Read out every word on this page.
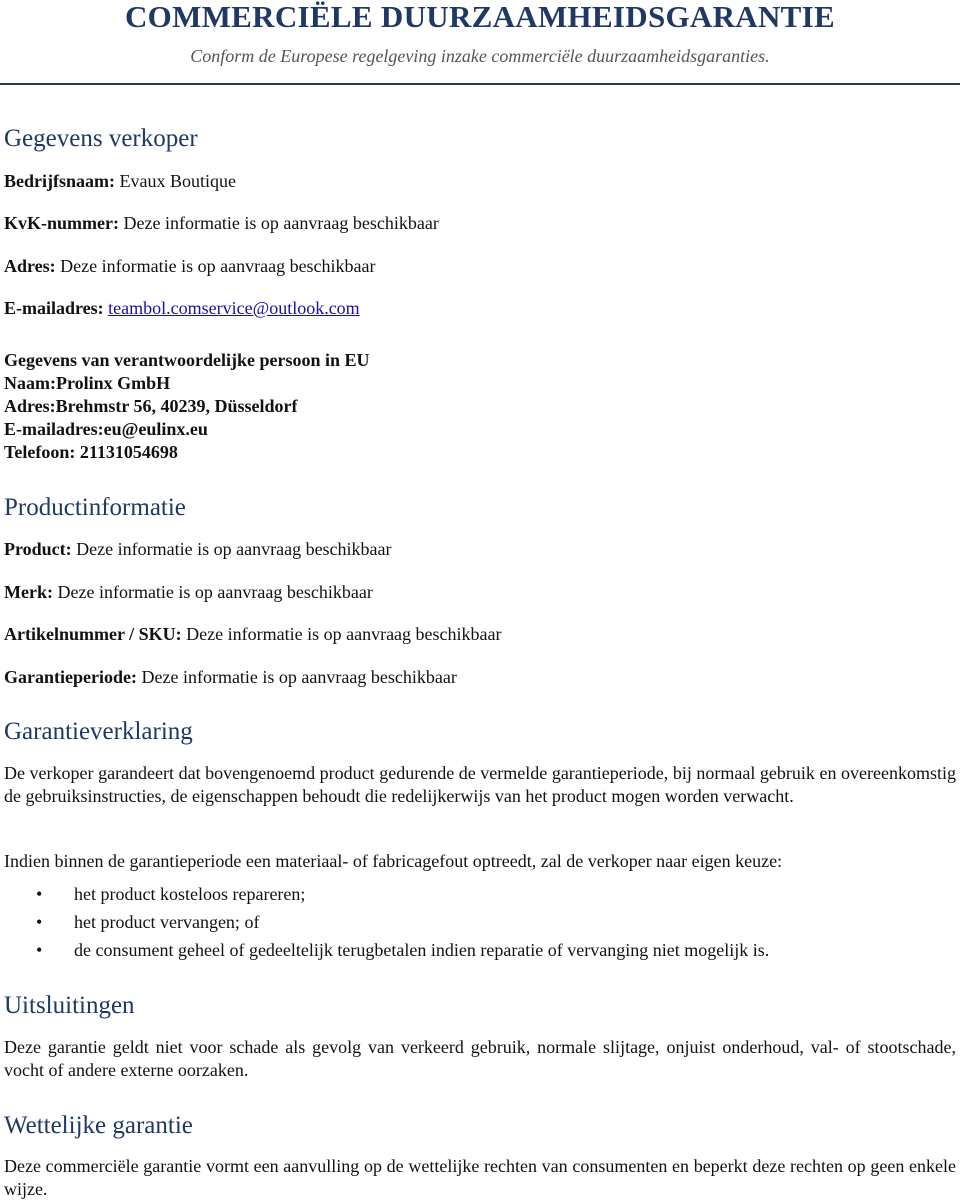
COMMERCIËLE DUURZAAMHEIDSGARANTIE
Conform de Europese regelgeving inzake commerciële duurzaamheidsgaranties.
Gegevens verkoper
Bedrijfsnaam: Evaux Boutique
KvK-nummer: Deze informatie is op aanvraag beschikbaar
Adres: Deze informatie is op aanvraag beschikbaar
E-mailadres: teambol.comservice@outlook.com
Gegevens van verantwoordelijke persoon in EU
Naam:Prolinx GmbH
Adres:Brehmstr 56, 40239, Düsseldorf
E-mailadres:eu@eulinx.eu
Telefoon: 21131054698
Productinformatie
Product: Deze informatie is op aanvraag beschikbaar
Merk: Deze informatie is op aanvraag beschikbaar
Artikelnummer / SKU: Deze informatie is op aanvraag beschikbaar
Garantieperiode: Deze informatie is op aanvraag beschikbaar
Garantieverklaring
De verkoper garandeert dat bovengenoemd product gedurende de vermelde garantieperiode, bij normaal gebruik en overeenkomstig de gebruiksinstructies, de eigenschappen behoudt die redelijkerwijs van het product mogen worden verwacht.
Indien binnen de garantieperiode een materiaal- of fabricagefout optreedt, zal de verkoper naar eigen keuze:
• het product kosteloos repareren;
• het product vervangen; of
• de consument geheel of gedeeltelijk terugbetalen indien reparatie of vervanging niet mogelijk is.
Uitsluitingen
Deze garantie geldt niet voor schade als gevolg van verkeerd gebruik, normale slijtage, onjuist onderhoud, val- of stootschade, vocht of andere externe oorzaken.
Wettelijke garantie
Deze commerciële garantie vormt een aanvulling op de wettelijke rechten van consumenten en beperkt deze rechten op geen enkele wijze.
